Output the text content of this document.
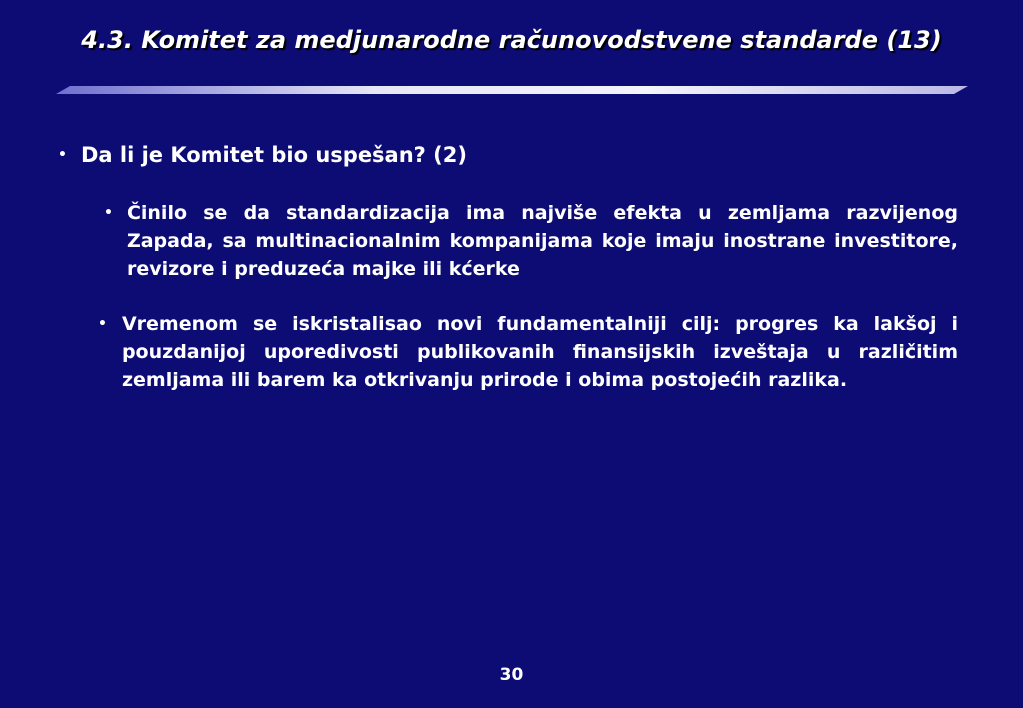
4.3. Komitet za medjunarodne računovodstvene standarde (13)
• Da li je Komitet bio uspešan? (2)
• Činilo se da standardizacija ima najviše efekta u zemljama razvijenog Zapada, sa multinacionalnim kompanijama koje imaju inostrane investitore, revizore i preduzeća majke ili kćerke
• Vremenom se iskristalisao novi fundamentalniji cilj: progres ka lakšoj i pouzdanijoj uporedivosti publikovanih finansijskih izveštaja u različitim zemljama ili barem ka otkrivanju prirode i obima postojećih razlika.
30
